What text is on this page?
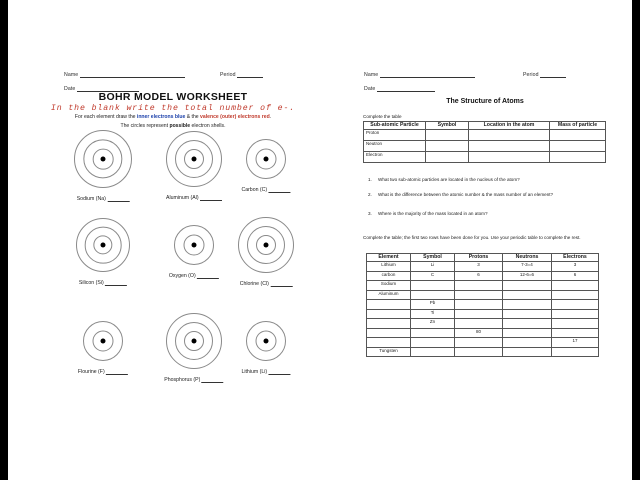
Name	Period
Date
BOHR MODEL WORKSHEET
In the blank write the total number of e-.
For each element draw the inner electrons blue & the valence (outer) electrons red.
The circles represent possible electron shells.
Sodium (Na)	Aluminum (Al)
Carbon (C)
Silicon (Si)
Oxygen (O)
Chlorine (Cl)
Flourine (F)
Phosphorus (P)
Lithium (Li)
Name	Period
Date
The Structure of Atoms
Complete the table
Sub-atomic Particle	Symbol	Location in the atom	Mass of particle
Proton			
Neutron			
Electron			
1. What two sub-atomic particles are located in the nucleus of the atom?
2. What is the difference between the atomic number & the mass number of an element?
3. Where is the majority of the mass located in an atom?
Complete the table; the first two rows have been done for you. Use your periodic table to complete the rest.
Element	Symbol	Protons	Neutrons	Electrons
Lithium	Li	3	7-3=4	3
carbon	C	6	12-6=6	6
Sodium				
Aluminum				
	Pb			
	Ti			
	Zn			
		80		
				17
Tungsten				
